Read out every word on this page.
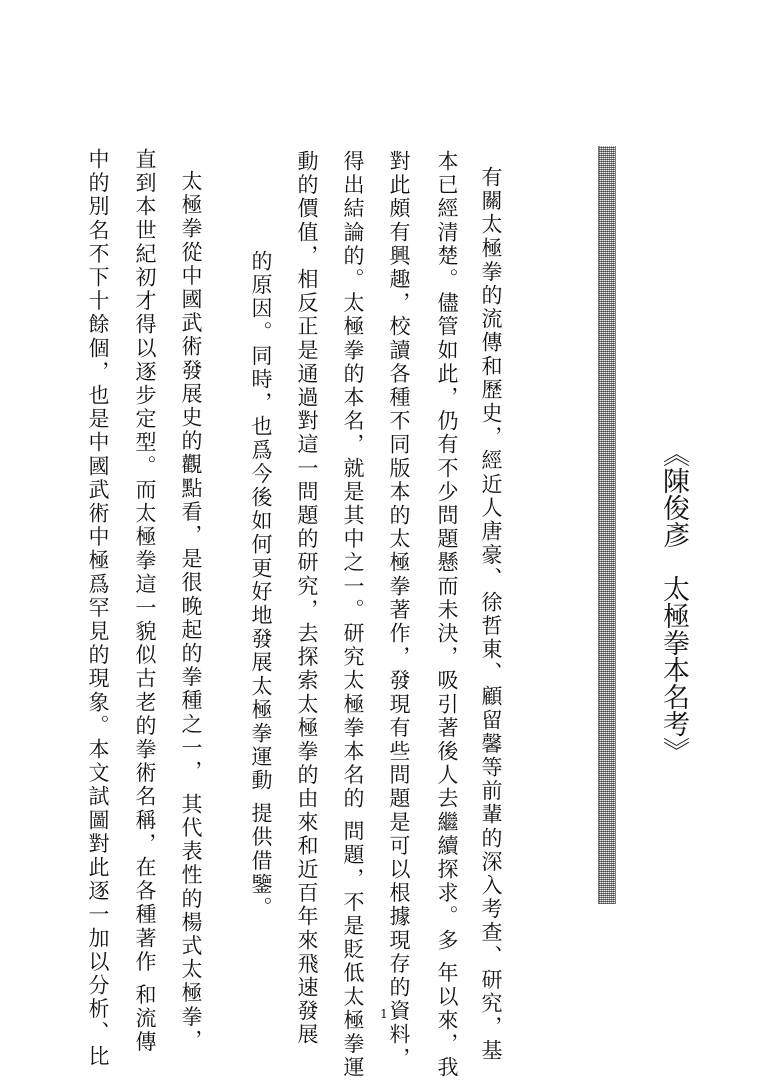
《陳俊彥　太極拳本名考》
有關太極拳的流傳和歷史，經近人唐豪、徐哲東、顧留馨等前輩的深入考查、研究，基
本已經清楚。儘管如此，仍有不少問題懸而未決，吸引著後人去繼續探求。多 年以來，我
對此頗有興趣，校讀各種不同版本的太極拳著作，發現有些問題是可以根據現存的資料，
得出結論的。太極拳的本名，就是其中之一。研究太極拳本名的 問題，不是貶低太極拳運
動的價值，相反正是通過對這一問題的研究，去探索太極拳的由來和近百年來飛速發展
的原因。同時，也爲今後如何更好地發展太極拳運動 提供借鑒。
太極拳從中國武術發展史的觀點看，是很晚起的拳種之一， 其代表性的楊式太極拳，
直到本世紀初才得以逐步定型。而太極拳這一貌似古老的拳術名稱，在各種著作 和流傳
中的別名不下十餘個，也是中國武術中極爲罕見的現象。本文試圖對此逐一加以分析、比	1
